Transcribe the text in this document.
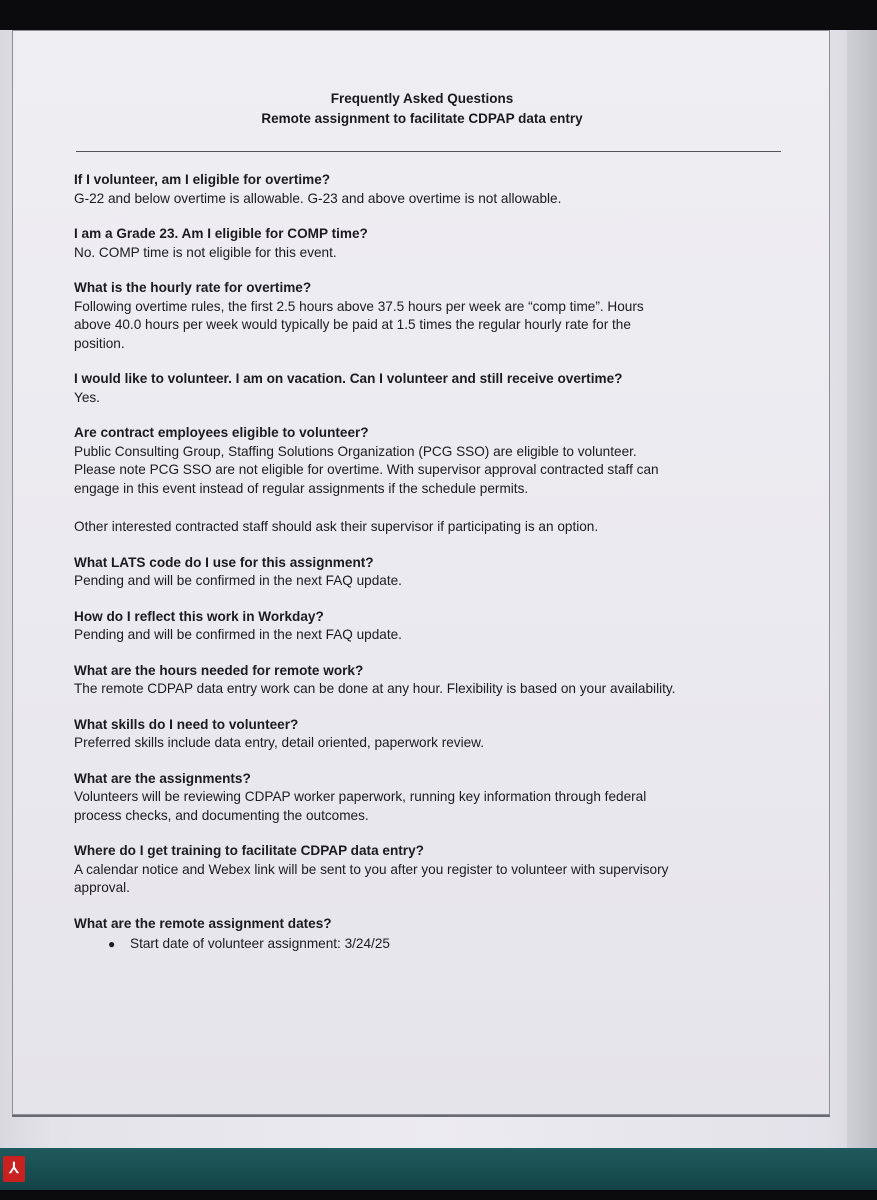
Frequently Asked Questions
Remote assignment to facilitate CDPAP data entry
If I volunteer, am I eligible for overtime?
G-22 and below overtime is allowable. G-23 and above overtime is not allowable.
I am a Grade 23. Am I eligible for COMP time?
No. COMP time is not eligible for this event.
What is the hourly rate for overtime?
Following overtime rules, the first 2.5 hours above 37.5 hours per week are “comp time”. Hours
above 40.0 hours per week would typically be paid at 1.5 times the regular hourly rate for the
position.
I would like to volunteer. I am on vacation. Can I volunteer and still receive overtime?
Yes.
Are contract employees eligible to volunteer?
Public Consulting Group, Staffing Solutions Organization (PCG SSO) are eligible to volunteer.
Please note PCG SSO are not eligible for overtime. With supervisor approval contracted staff can
engage in this event instead of regular assignments if the schedule permits.
Other interested contracted staff should ask their supervisor if participating is an option.
What LATS code do I use for this assignment?
Pending and will be confirmed in the next FAQ update.
How do I reflect this work in Workday?
Pending and will be confirmed in the next FAQ update.
What are the hours needed for remote work?
The remote CDPAP data entry work can be done at any hour. Flexibility is based on your availability.
What skills do I need to volunteer?
Preferred skills include data entry, detail oriented, paperwork review.
What are the assignments?
Volunteers will be reviewing CDPAP worker paperwork, running key information through federal
process checks, and documenting the outcomes.
Where do I get training to facilitate CDPAP data entry?
A calendar notice and Webex link will be sent to you after you register to volunteer with supervisory
approval.
What are the remote assignment dates?
●	Start date of volunteer assignment: 3/24/25
⅄
